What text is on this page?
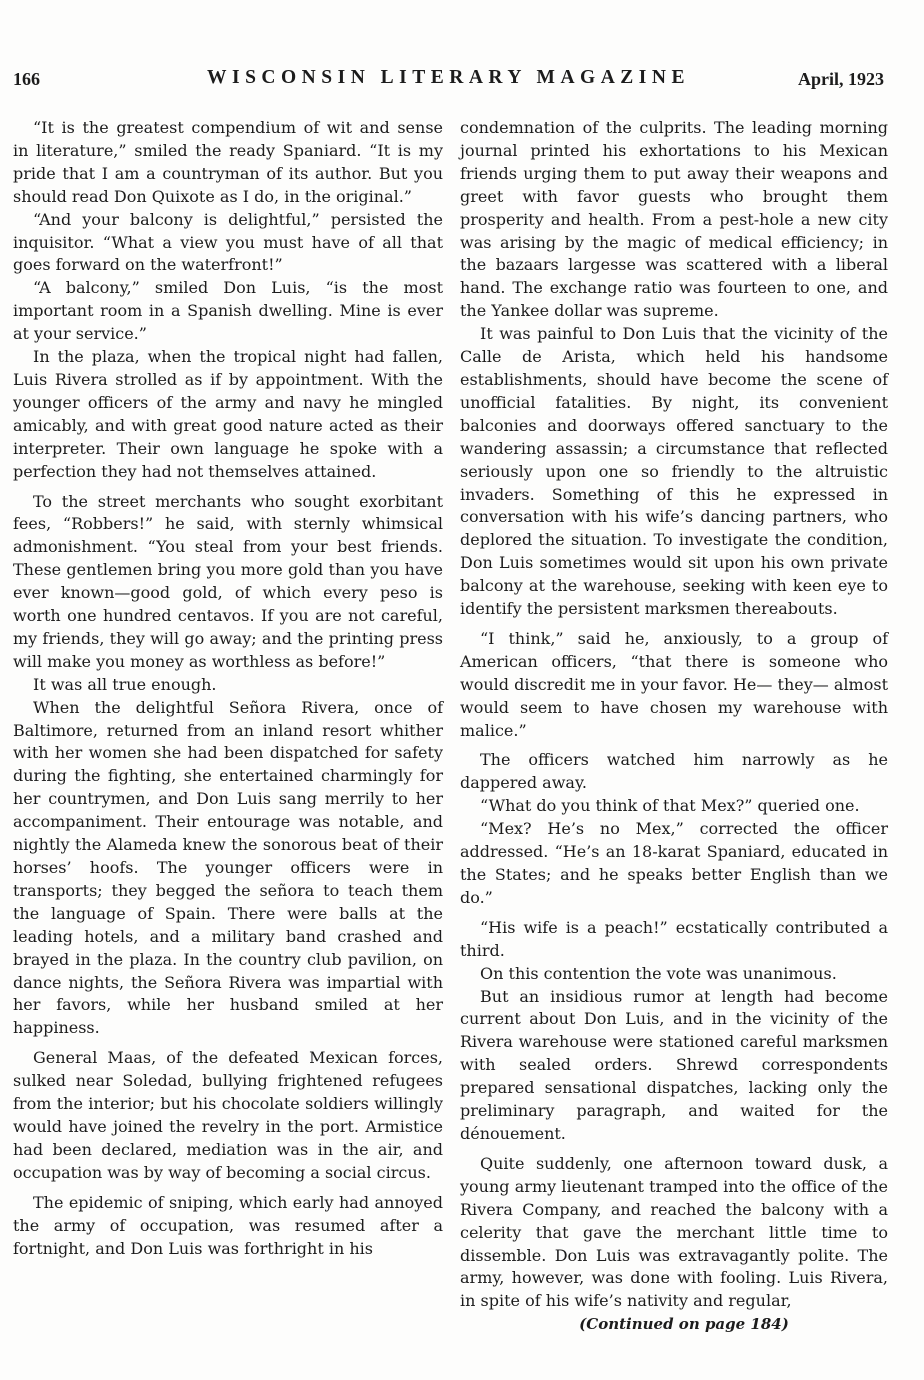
166	WISCONSIN LITERARY MAGAZINE	April, 1923

“It is the greatest compendium of wit and sense in literature,” smiled the ready Spaniard. “It is my pride that I am a countryman of its author. But you should read Don Quixote as I do, in the original.”

“And your balcony is delightful,” persisted the inquisitor. “What a view you must have of all that goes forward on the waterfront!”

“A balcony,” smiled Don Luis, “is the most important room in a Spanish dwelling. Mine is ever at your service.”

In the plaza, when the tropical night had fallen, Luis Rivera strolled as if by appointment. With the younger officers of the army and navy he mingled amicably, and with great good nature acted as their interpreter. Their own language he spoke with a perfection they had not themselves attained.

To the street merchants who sought exorbitant fees, “Robbers!” he said, with sternly whimsical admonishment. “You steal from your best friends. These gentlemen bring you more gold than you have ever known—good gold, of which every peso is worth one hundred centavos. If you are not careful, my friends, they will go away; and the printing press will make you money as worthless as before!”

It was all true enough.

When the delightful Señora Rivera, once of Baltimore, returned from an inland resort whither with her women she had been dispatched for safety during the fighting, she entertained charmingly for her countrymen, and Don Luis sang merrily to her accompaniment. Their entourage was notable, and nightly the Alameda knew the sonorous beat of their horses’ hoofs. The younger officers were in transports; they begged the señora to teach them the language of Spain. There were balls at the leading hotels, and a military band crashed and brayed in the plaza. In the country club pavilion, on dance nights, the Señora Rivera was impartial with her favors, while her husband smiled at her happiness.

General Maas, of the defeated Mexican forces, sulked near Soledad, bullying frightened refugees from the interior; but his chocolate soldiers willingly would have joined the revelry in the port. Armistice had been declared, mediation was in the air, and occupation was by way of becoming a social circus.

The epidemic of sniping, which early had annoyed the army of occupation, was resumed after a fortnight, and Don Luis was forthright in his

condemnation of the culprits. The leading morning journal printed his exhortations to his Mexican friends urging them to put away their weapons and greet with favor guests who brought them prosperity and health. From a pest-hole a new city was arising by the magic of medical efficiency; in the bazaars largesse was scattered with a liberal hand. The exchange ratio was fourteen to one, and the Yankee dollar was supreme.

It was painful to Don Luis that the vicinity of the Calle de Arista, which held his handsome establishments, should have become the scene of unofficial fatalities. By night, its convenient balconies and doorways offered sanctuary to the wandering assassin; a circumstance that reflected seriously upon one so friendly to the altruistic invaders. Something of this he expressed in conversation with his wife’s dancing partners, who deplored the situation. To investigate the condition, Don Luis sometimes would sit upon his own private balcony at the warehouse, seeking with keen eye to identify the persistent marksmen thereabouts.

“I think,” said he, anxiously, to a group of American officers, “that there is someone who would discredit me in your favor. He— they— almost would seem to have chosen my warehouse with malice.”

The officers watched him narrowly as he dappered away.

“What do you think of that Mex?” queried one.

“Mex? He’s no Mex,” corrected the officer addressed. “He’s an 18-karat Spaniard, educated in the States; and he speaks better English than we do.”

“His wife is a peach!” ecstatically contributed a third.

On this contention the vote was unanimous.

But an insidious rumor at length had become current about Don Luis, and in the vicinity of the Rivera warehouse were stationed careful marksmen with sealed orders. Shrewd correspondents prepared sensational dispatches, lacking only the preliminary paragraph, and waited for the dénouement.

Quite suddenly, one afternoon toward dusk, a young army lieutenant tramped into the office of the Rivera Company, and reached the balcony with a celerity that gave the merchant little time to dissemble. Don Luis was extravagantly polite. The army, however, was done with fooling. Luis Rivera, in spite of his wife’s nativity and regular,

(Continued on page 184)
